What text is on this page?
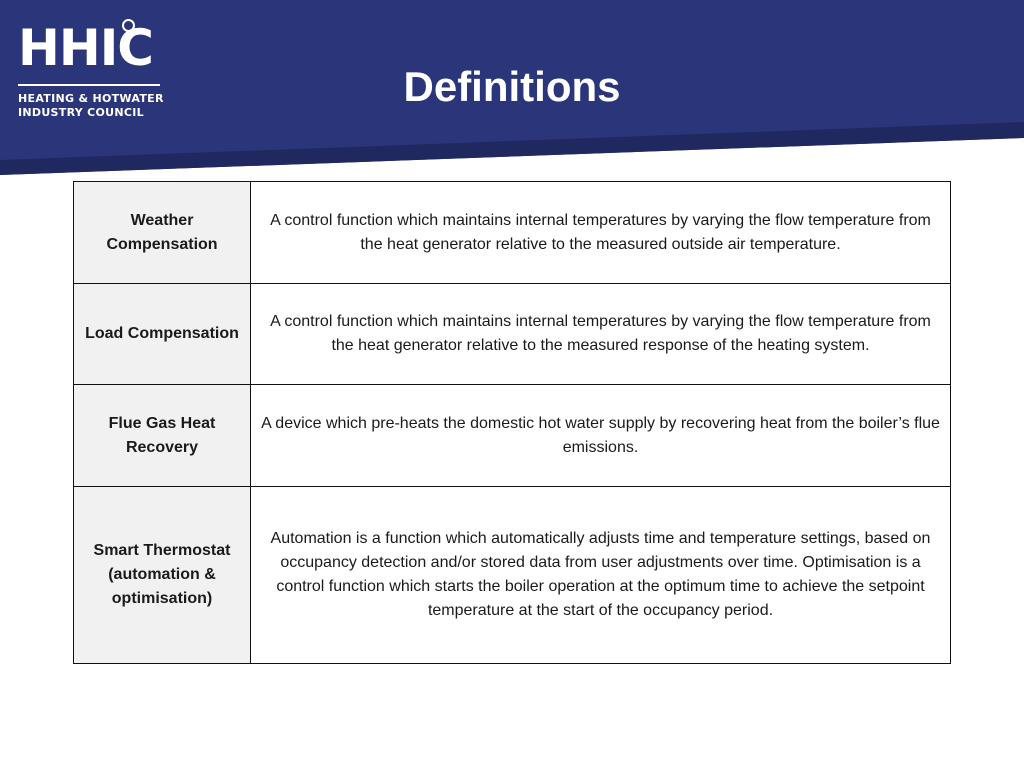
HHIC
HEATING & HOTWATER
INDUSTRY COUNCIL
Definitions
Weather Compensation	A control function which maintains internal temperatures by varying the flow temperature from the heat generator relative to the measured outside air temperature.
Load Compensation	A control function which maintains internal temperatures by varying the flow temperature from the heat generator relative to the measured response of the heating system.
Flue Gas Heat Recovery	A device which pre-heats the domestic hot water supply by recovering heat from the boiler’s flue emissions.
Smart Thermostat (automation & optimisation)	Automation is a function which automatically adjusts time and temperature settings, based on occupancy detection and/or stored data from user adjustments over time. Optimisation is a control function which starts the boiler operation at the optimum time to achieve the setpoint temperature at the start of the occupancy period.
